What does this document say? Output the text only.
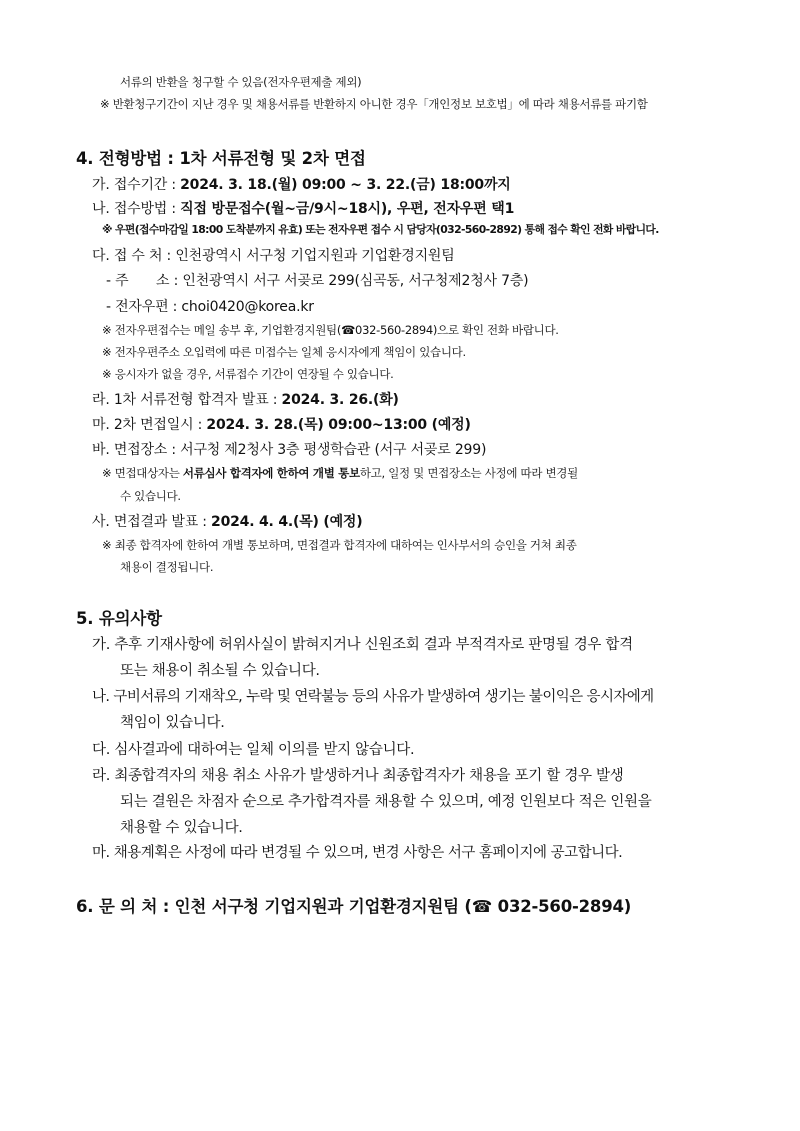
서류의 반환을 청구할 수 있음(전자우편제출 제외)
※ 반환청구기간이 지난 경우 및 채용서류를 반환하지 아니한 경우「개인정보 보호법」에 따라 채용서류를 파기함
4. 전형방법 : 1차 서류전형 및 2차 면접
가. 접수기간 : 2024. 3. 18.(월) 09:00 ~ 3. 22.(금) 18:00까지
나. 접수방법 : 직접 방문접수(월~금/9시~18시), 우편, 전자우편 택1
※ 우편(접수마감일 18:00 도착분까지 유효) 또는 전자우편 접수 시 담당자(032-560-2892) 통해 접수 확인 전화 바랍니다.
다. 접 수 처 : 인천광역시 서구청 기업지원과 기업환경지원팀
- 주　　소 : 인천광역시 서구 서곶로 299(심곡동, 서구청제2청사 7층)
- 전자우편 : choi0420@korea.kr
※ 전자우편접수는 메일 송부 후, 기업환경지원팀(☎032-560-2894)으로 확인 전화 바랍니다.
※ 전자우편주소 오입력에 따른 미접수는 일체 응시자에게 책임이 있습니다.
※ 응시자가 없을 경우, 서류접수 기간이 연장될 수 있습니다.
라. 1차 서류전형 합격자 발표 : 2024. 3. 26.(화)
마. 2차 면접일시 : 2024. 3. 28.(목) 09:00~13:00 (예정)
바. 면접장소 : 서구청 제2청사 3층 평생학습관 (서구 서곶로 299)
※ 면접대상자는 서류심사 합격자에 한하여 개별 통보하고, 일정 및 면접장소는 사정에 따라 변경될
수 있습니다.
사. 면접결과 발표 : 2024. 4. 4.(목) (예정)
※ 최종 합격자에 한하여 개별 통보하며, 면접결과 합격자에 대하여는 인사부서의 승인을 거쳐 최종
채용이 결정됩니다.
5. 유의사항
가. 추후 기재사항에 허위사실이 밝혀지거나 신원조회 결과 부적격자로 판명될 경우 합격
또는 채용이 취소될 수 있습니다.
나. 구비서류의 기재착오, 누락 및 연락불능 등의 사유가 발생하여 생기는 불이익은 응시자에게
책임이 있습니다.
다. 심사결과에 대하여는 일체 이의를 받지 않습니다.
라. 최종합격자의 채용 취소 사유가 발생하거나 최종합격자가 채용을 포기 할 경우 발생
되는 결원은 차점자 순으로 추가합격자를 채용할 수 있으며, 예정 인원보다 적은 인원을
채용할 수 있습니다.
마. 채용계획은 사정에 따라 변경될 수 있으며, 변경 사항은 서구 홈페이지에 공고합니다.
6. 문 의 처 : 인천 서구청 기업지원과 기업환경지원팀 (☎ 032-560-2894)
